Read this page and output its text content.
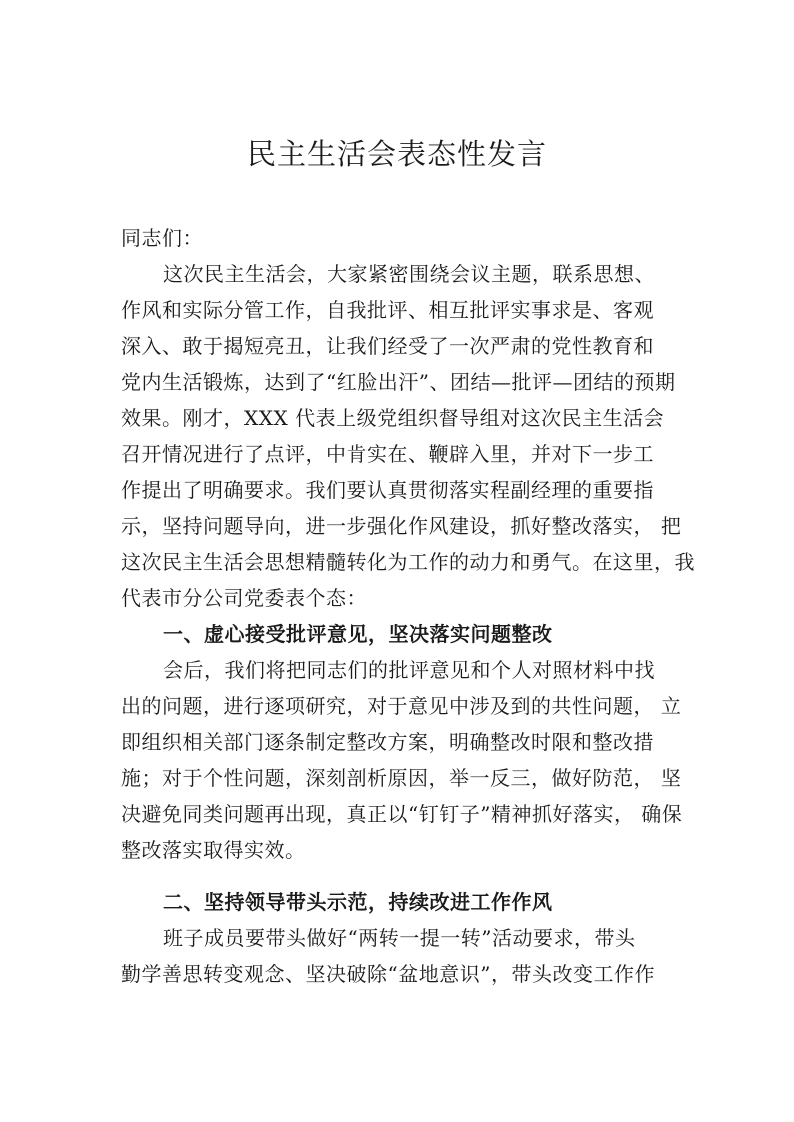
民主生活会表态性发言
同志们：
这次民主生活会，大家紧密围绕会议主题，联系思想、
作风和实际分管工作，自我批评、相互批评实事求是、客观
深入、敢于揭短亮丑，让我们经受了一次严肃的党性教育和
党内生活锻炼，达到了“红脸出汗”、团结—批评—团结的预期
效果。刚才，XXX 代表上级党组织督导组对这次民主生活会
召开情况进行了点评，中肯实在、鞭辟入里，并对下一步工
作提出了明确要求。我们要认真贯彻落实程副经理的重要指
示，坚持问题导向，进一步强化作风建设，抓好整改落实， 把
这次民主生活会思想精髓转化为工作的动力和勇气。在这里，我
代表市分公司党委表个态：
一、虚心接受批评意见，坚决落实问题整改
会后，我们将把同志们的批评意见和个人对照材料中找
出的问题，进行逐项研究，对于意见中涉及到的共性问题， 立
即组织相关部门逐条制定整改方案，明确整改时限和整改措
施；对于个性问题，深刻剖析原因，举一反三，做好防范， 坚
决避免同类问题再出现，真正以“钉钉子”精神抓好落实， 确保
整改落实取得实效。
二、坚持领导带头示范，持续改进工作作风
班子成员要带头做好“两转一提一转”活动要求，带头
勤学善思转变观念、坚决破除“盆地意识”，带头改变工作作
